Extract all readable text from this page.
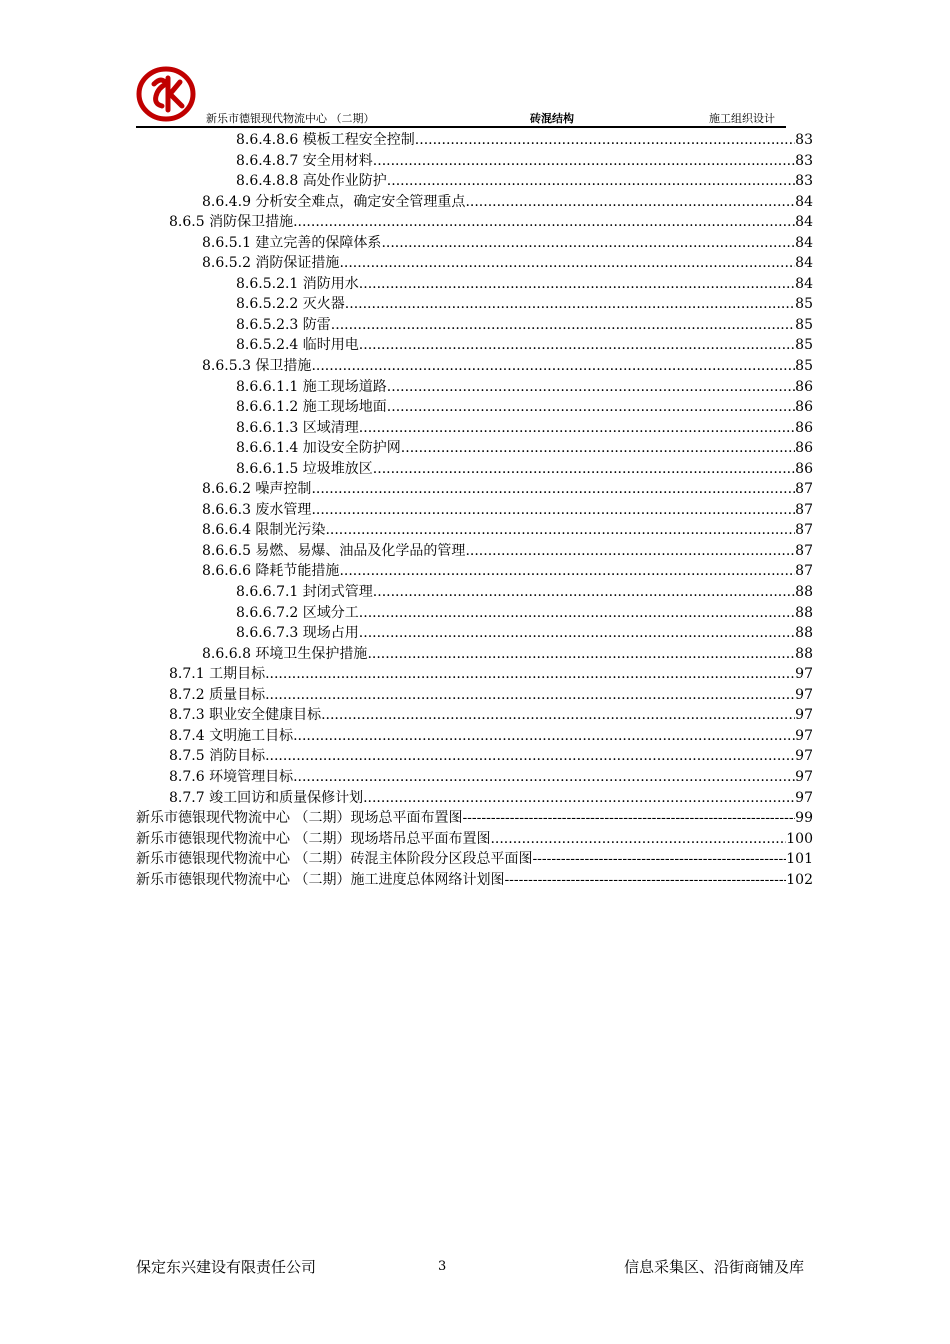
新乐市德银现代物流中心 （二期）	砖混结构	施工组织设计
8.6.4.8.6 模板工程安全控制 .....	83
8.6.4.8.7 安全用材料 .....	83
8.6.4.8.8 高处作业防护 .....	83
8.6.4.9 分析安全难点，确定安全管理重点 .....	84
8.6.5 消防保卫措施 .....	84
8.6.5.1 建立完善的保障体系 .....	84
8.6.5.2 消防保证措施 .....	84
8.6.5.2.1 消防用水 .....	84
8.6.5.2.2 灭火器 .....	85
8.6.5.2.3 防雷 .....	85
8.6.5.2.4 临时用电 .....	85
8.6.5.3 保卫措施 .....	85
8.6.6.1.1 施工现场道路 .....	86
8.6.6.1.2 施工现场地面 .....	86
8.6.6.1.3 区域清理 .....	86
8.6.6.1.4 加设安全防护网 .....	86
8.6.6.1.5 垃圾堆放区 .....	86
8.6.6.2 噪声控制 .....	87
8.6.6.3 废水管理 .....	87
8.6.6.4 限制光污染 .....	87
8.6.6.5 易燃、易爆、油品及化学品的管理 .....	87
8.6.6.6 降耗节能措施 .....	87
8.6.6.7.1 封闭式管理 .....	88
8.6.6.7.2 区域分工 .....	88
8.6.6.7.3 现场占用 .....	88
8.6.6.8 环境卫生保护措施 .....	88
8.7.1 工期目标 .....	97
8.7.2 质量目标 .....	97
8.7.3 职业安全健康目标 .....	97
8.7.4 文明施工目标 .....	97
8.7.5 消防目标 .....	97
8.7.6 环境管理目标 .....	97
8.7.7 竣工回访和质量保修计划 .....	97
新乐市德银现代物流中心 （二期）现场总平面布置图 -----	99
新乐市德银现代物流中心 （二期）现场塔吊总平面布置图 .....	100
新乐市德银现代物流中心 （二期）砖混主体阶段分区段总平面图 -----	101
新乐市德银现代物流中心 （二期）施工进度总体网络计划图 -----	102
保定东兴建设有限责任公司	3	信息采集区、沿街商铺及库
